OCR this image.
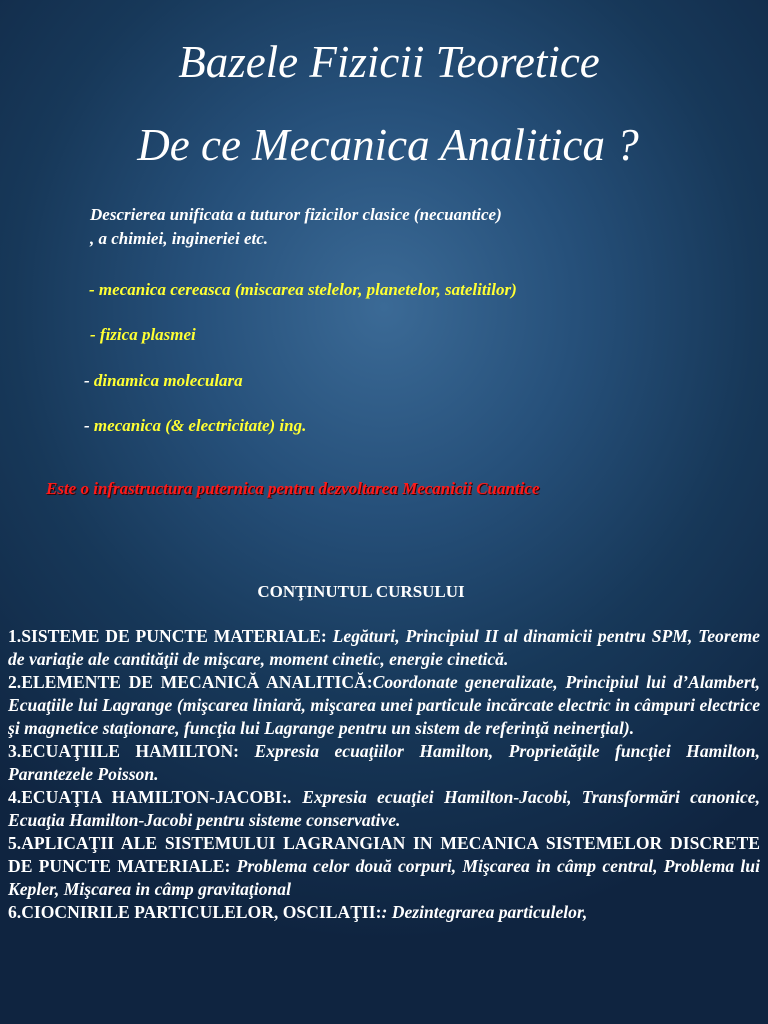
Bazele Fizicii Teoretice
De ce Mecanica Analitica ?
Descrierea unificata a tuturor fizicilor clasice (necuantice)
, a chimiei, ingineriei etc.
- mecanica cereasca (miscarea stelelor, planetelor, satelitilor)
- fizica plasmei
- dinamica moleculara
- mecanica (& electricitate) ing.
Este o infrastructura puternica pentru dezvoltarea Mecanicii Cuantice
CONŢINUTUL CURSULUI
1.SISTEME DE PUNCTE MATERIALE: Legături, Principiul II al dinamicii pentru SPM, Teoreme de variaţie ale cantităţii de mişcare, moment cinetic, energie cinetică.
2.ELEMENTE DE MECANICĂ ANALITICĂ:Coordonate generalizate, Principiul lui d’Alambert, Ecuaţiile lui Lagrange (mişcarea liniară, mişcarea unei particule incărcate electric in câmpuri electrice şi magnetice staţionare, funcţia lui Lagrange pentru un sistem de referinţă neinerţial).
3.ECUAŢIILE HAMILTON: Expresia ecuaţiilor Hamilton, Proprietăţile funcţiei Hamilton, Parantezele Poisson.
4.ECUAŢIA HAMILTON-JACOBI:. Expresia ecuaţiei Hamilton-Jacobi, Transformări canonice, Ecuaţia Hamilton-Jacobi pentru sisteme conservative.
5.APLICAŢII ALE SISTEMULUI LAGRANGIAN IN MECANICA SISTEMELOR DISCRETE DE PUNCTE MATERIALE: Problema celor două corpuri, Mişcarea in câmp central, Problema lui Kepler, Mişcarea in câmp gravitaţional
6.CIOCNIRILE PARTICULELOR, OSCILAŢII:: Dezintegrarea particulelor,
